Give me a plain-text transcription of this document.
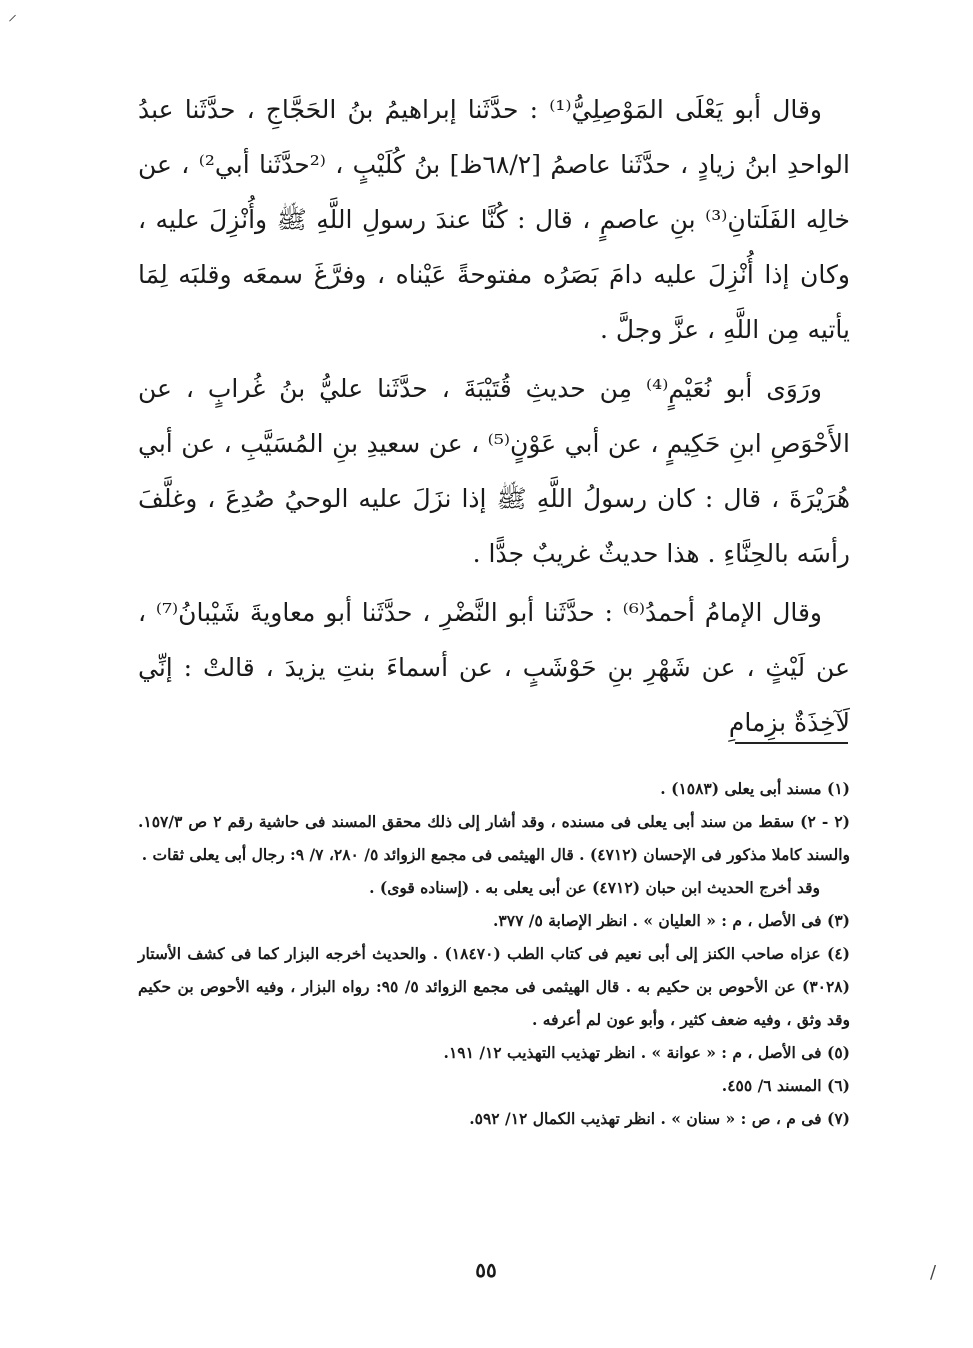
⸝

وقال أبو يَعْلَى المَوْصِلِيُّ⁽¹⁾ : حدَّثَنا إبراهيمُ بنُ الحَجَّاجِ ، حدَّثَنا عبدُ الواحدِ ابنُ زيادٍ ، حدَّثَنا عاصمُ [٦٨/٢ظ] بنُ كُلَيْبٍ ، ⁽²حدَّثَنا أبي²⁾ ، عن خالِه الفَلَتانِ⁽³⁾ بنِ عاصمٍ ، قال : كُنَّا عندَ رسولِ اللَّهِ ﷺ وأُنْزِلَ عليه ، وكان إذا أُنْزِلَ عليه دامَ بَصَرُه مفتوحةً عَيْناه ، وفرَّغَ سمعَه وقلبَه لِمَا يأتيه مِن اللَّهِ ، عزَّ وجلَّ .

ورَوَى أبو نُعَيْمٍ⁽⁴⁾ مِن حديثِ قُتَيْبَةَ ، حدَّثَنا عليُّ بنُ غُرابٍ ، عن الأَحْوَصِ ابنِ حَكِيمٍ ، عن أبي عَوْنٍ⁽⁵⁾ ، عن سعيدِ بنِ المُسَيَّبِ ، عن أبي هُرَيْرَةَ ، قال : كان رسولُ اللَّهِ ﷺ إذا نزَلَ عليه الوحيُ صُدِعَ ، وغلَّفَ رأسَه بالحِنَّاءِ . هذا حديثٌ غريبٌ جدًّا .

وقال الإمامُ أحمدُ⁽⁶⁾ : حدَّثَنا أبو النَّضْرِ ، حدَّثَنا أبو معاويةَ شَيْبانُ⁽⁷⁾ ، عن لَيْثٍ ، عن شَهْرِ بنِ حَوْشَبٍ ، عن أسماءَ بنتِ يزيدَ ، قالتْ : إنِّي لَآخِذَةٌ بزِمامِ

(١) مسند أبى يعلى (١٥٨٣) .

(٢ - ٢) سقط من سند أبى يعلى فى مسنده ، وقد أشار إلى ذلك محقق المسند فى حاشية رقم ٢ ص ١٥٧/٣. والسند كاملا مذكور فى الإحسان (٤٧١٢) . قال الهيثمى فى مجمع الزوائد ٥/ ٢٨٠، ٧/ ٩: رجال أبى يعلى ثقات .

وقد أخرج الحديث ابن حبان (٤٧١٢) عن أبى يعلى به . (إسناده قوى) .

(٣) فى الأصل ، م : « العليان » . انظر الإصابة ٥/ ٣٧٧.

(٤) عزاه صاحب الكنز إلى أبى نعيم فى كتاب الطب (١٨٤٧٠) . والحديث أخرجه البزار كما فى كشف الأستار (٣٠٢٨) عن الأحوص بن حكيم به . قال الهيثمى فى مجمع الزوائد ٥/ ٩٥: رواه البزار ، وفيه الأحوص بن حكيم وقد وثق ، وفيه ضعف كثير ، وأبو عون لم أعرفه .

(٥) فى الأصل ، م : « عوانة » . انظر تهذيب التهذيب ١٢/ ١٩١.

(٦) المسند ٦/ ٤٥٥.

(٧) فى م ، ص : « سنان » . انظر تهذيب الكمال ١٢/ ٥٩٢.

٥٥	/
